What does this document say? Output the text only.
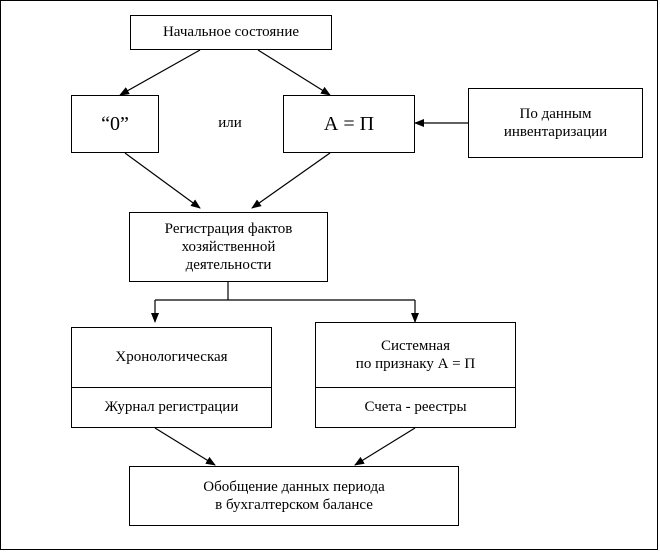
Начальное состояние
“0”	или	А = П	По данным
инвентаризации
Регистрация фактов
хозяйственной
деятельности
Хронологическая
Журнал регистрации
Системная
по признаку А = П
Счета - реестры
Обобщение данных периода
в бухгалтерском балансе
